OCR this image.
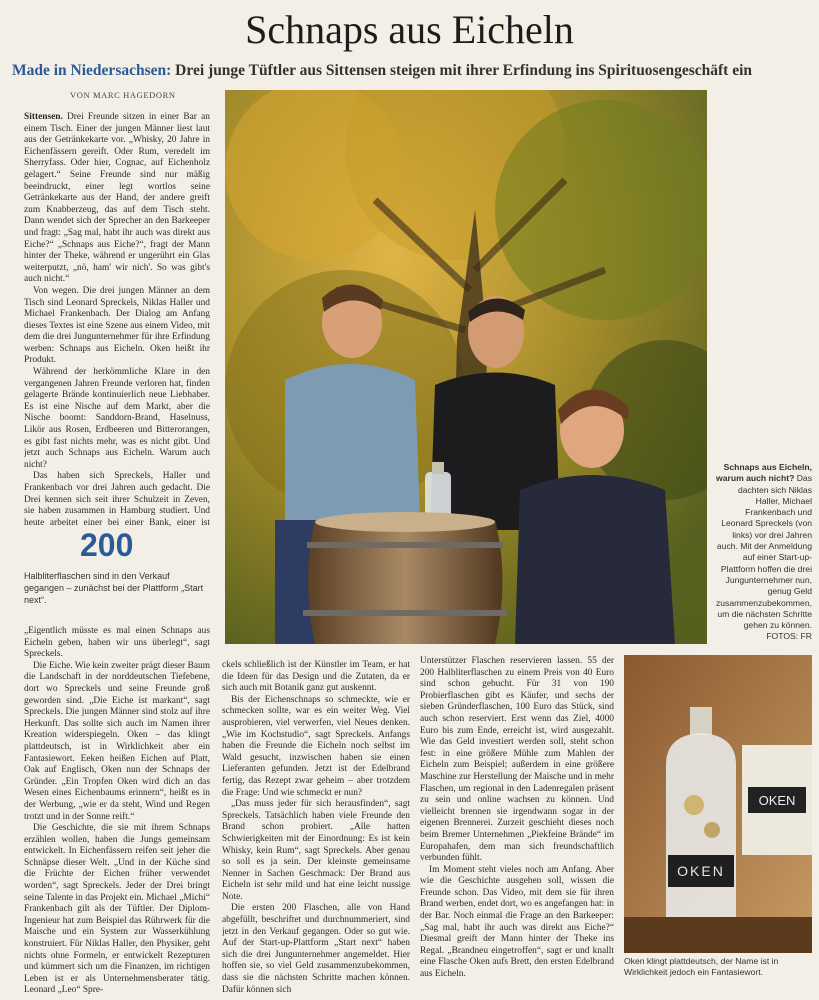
Schnaps aus Eicheln
Made in Niedersachsen: Drei junge Tüftler aus Sittensen steigen mit ihrer Erfindung ins Spirituosengeschäft ein
VON MARC HAGEDORN

Sittensen. Drei Freunde sitzen in einer Bar an einem Tisch. Einer der jungen Männer liest laut aus der Getränkekarte vor. „Whisky, 20 Jahre in Eichenfässern gereift. Oder Rum, veredelt im Sherryfass. Oder hier, Cognac, auf Eichenholz gelagert.“ Seine Freunde sind nur mäßig beeindruckt, einer legt wortlos seine Getränkekarte aus der Hand, der andere greift zum Knabberzeug, das auf dem Tisch steht. Dann wendet sich der Sprecher an den Barkeeper und fragt: „Sag mal, habt ihr auch was direkt aus Eiche?“ „Schnaps aus Eiche?“, fragt der Mann hinter der Theke, während er ungerührt ein Glas weiterputzt, „nö, ham' wir nich'. So was gibt's auch nicht.“

Von wegen. Die drei jungen Männer an dem Tisch sind Leonard Spreckels, Niklas Haller und Michael Frankenbach. Der Dialog am Anfang dieses Textes ist eine Szene aus einem Video, mit dem die drei Jungunternehmer für ihre Erfindung werben: Schnaps aus Eicheln. Oken heißt ihr Produkt.

Während der herkömmliche Klare in den vergangenen Jahren Freunde verloren hat, finden gelagerte Brände kontinuierlich neue Liebhaber. Es ist eine Nische auf dem Markt, aber die Nische boomt: Sanddorn-Brand, Haselnuss, Likör aus Rosen, Erdbeeren und Bitterorangen, es gibt fast nichts mehr, was es nicht gibt. Und jetzt auch Schnaps aus Eicheln. Warum auch nicht?

Das haben sich Spreckels, Haller und Frankenbach vor drei Jahren auch gedacht. Die Drei kennen sich seit ihrer Schulzeit in Zeven, sie haben zusammen in Hamburg studiert. Und heute arbeitet einer bei einer Bank, einer ist

200
Halbliterflaschen sind in den Verkauf gegangen – zunächst bei der Plattform „Start next“.

„Eigentlich müsste es mal einen Schnaps aus Eicheln geben, haben wir uns überlegt“, sagt Spreckels.

Die Eiche. Wie kein zweiter prägt dieser Baum die Landschaft in der norddeutschen Tiefebene, dort wo Spreckels und seine Freunde groß geworden sind. „Die Eiche ist markant“, sagt Spreckels. Die jungen Männer sind stolz auf ihre Herkunft. Das sollte sich auch im Namen ihrer Kreation widerspiegeln. Oken – das klingt plattdeutsch, ist in Wirklichkeit aber ein Fantasiewort. Eeken heißen Eichen auf Platt, Oak auf Englisch, Oken nun der Schnaps der Gründer. „Ein Tropfen Oken wird dich an das Wesen eines Eichenbaums erinnern“, heißt es in der Werbung, „wie er da steht, Wind und Regen trotzt und in der Sonne reift.“

Die Geschichte, die sie mit ihrem Schnaps erzählen wollen, haben die Jungs gemeinsam entwickelt. In Eichenfässern reifen seit jeher die Schnäpse dieser Welt. „Und in der Küche sind die Früchte der Eichen früher verwendet worden“, sagt Spreckels. Jeder der Drei bringt seine Talente in das Projekt ein. Michael „Michi“ Frankenbach gilt als der Tüftler. Der Diplom-Ingenieur hat zum Beispiel das Rührwerk für die Maische und ein System zur Wasserkühlung konstruiert. Für Niklas Haller, den Physiker, geht nichts ohne Formeln, er entwickelt Rezepturen und kümmert sich um die Finanzen, im richtigen Leben ist er als Unternehmensberater tätig. Leonard „Leo“ Spre-

ckels schließlich ist der Künstler im Team, er hat die Ideen für das Design und die Zutaten, da er sich auch mit Botanik ganz gut auskennt.

Bis der Eichenschnaps so schmeckte, wie er schmecken sollte, war es ein weiter Weg. Viel ausprobieren, viel verwerfen, viel Neues denken. „Wie im Kochstudio“, sagt Spreckels. Anfangs haben die Freunde die Eicheln noch selbst im Wald gesucht, inzwischen haben sie einen Lieferanten gefunden. Jetzt ist der Edelbrand fertig, das Rezept zwar geheim – aber trotzdem die Frage: Und wie schmeckt er nun?

„Das muss jeder für sich herausfinden“, sagt Spreckels. Tatsächlich haben viele Freunde den Brand schon probiert. „Alle hatten Schwierigkeiten mit der Einordnung: Es ist kein Whisky, kein Rum“, sagt Spreckels. Aber genau so soll es ja sein. Der kleinste gemeinsame Nenner in Sachen Geschmack: Der Brand aus Eicheln ist sehr mild und hat eine leicht nussige Note.

Die ersten 200 Flaschen, alle von Hand abgefüllt, beschriftet und durchnummeriert, sind jetzt in den Verkauf gegangen. Oder so gut wie. Auf der Start-up-Plattform „Start next“ haben sich die drei Jungunternehmer angemeldet. Hier hoffen sie, so viel Geld zusammenzubekommen, dass sie die nächsten Schritte machen können. Dafür können sich

Unterstützer Flaschen reservieren lassen. 55 der 200 Halbliterflaschen zu einem Preis von 40 Euro sind schon gebucht. Für 31 von 190 Probierflaschen gibt es Käufer, und sechs der sieben Gründerflaschen, 100 Euro das Stück, sind auch schon reserviert. Erst wenn das Ziel, 4000 Euro bis zum Ende, erreicht ist, wird ausgezahlt. Wie das Geld investiert werden soll, steht schon fest: in eine größere Mühle zum Mahlen der Eicheln zum Beispiel; außerdem in eine größere Maschine zur Herstellung der Maische und in mehr Flaschen, um regional in den Ladenregalen präsent zu sein und online wachsen zu können. Und vielleicht brennen sie irgendwann sogar in der eigenen Brennerei. Zurzeit geschieht dieses noch beim Bremer Unternehmen „Piekfeine Brände“ im Europahafen, dem man sich freundschaftlich verbunden fühlt.

Im Moment steht vieles noch am Anfang. Aber wie die Geschichte ausgehen soll, wissen die Freunde schon. Das Video, mit dem sie für ihren Brand werben, endet dort, wo es angefangen hat: in der Bar. Noch einmal die Frage an den Barkeeper: „Sag mal, habt ihr auch was direkt aus Eiche?“ Diesmal greift der Mann hinter der Theke ins Regal. „Brandneu eingetroffen“, sagt er und knallt eine Flasche Oken aufs Brett, den ersten Edelbrand aus Eicheln.

Schnaps aus Eicheln, warum auch nicht? Das dachten sich Niklas Haller, Michael Frankenbach und Leonard Spreckels (von links) vor drei Jahren auch. Mit der Anmeldung auf einer Start-up-Plattform hoffen die drei Jungunternehmer nun, genug Geld zusammenzubekommen, um die nächsten Schritte gehen zu können. FOTOS: FR
OKEN
OKEN
Oken klingt plattdeutsch, der Name ist in Wirklichkeit jedoch ein Fantasiewort.
